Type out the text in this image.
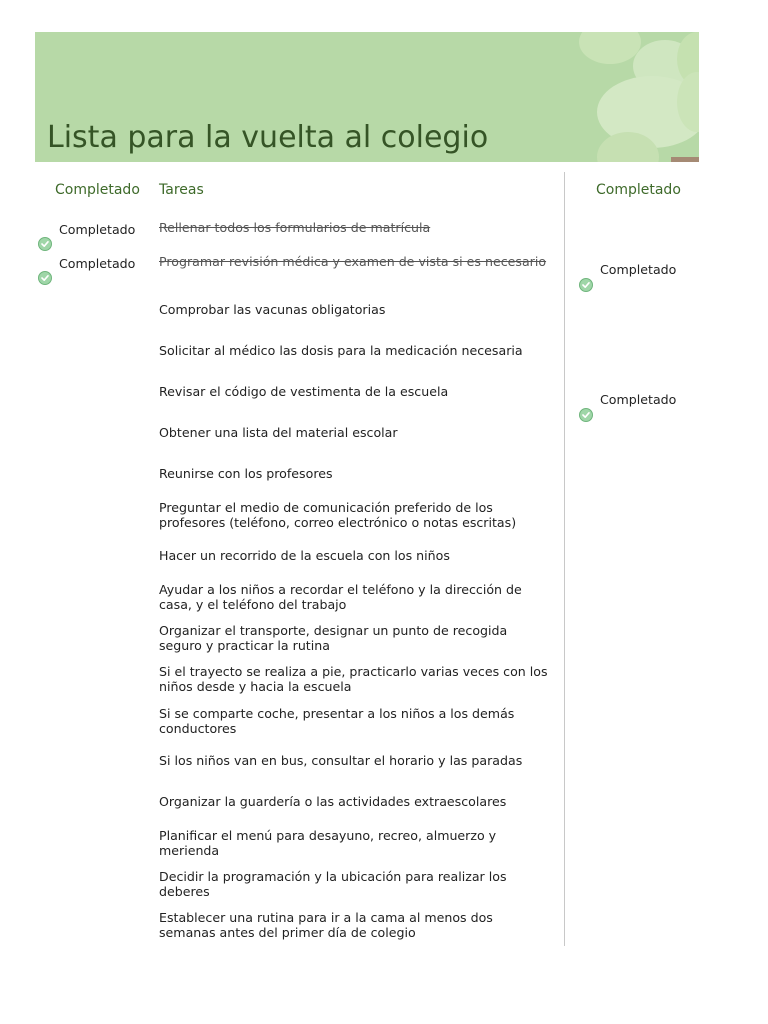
Lista para la vuelta al colegio
Completado Tareas	Completado
Rellenar todos los formularios de matrícula
Completado
Programar revisión médica y examen de vista si es necesario
Completado	Completado
Comprobar las vacunas obligatorias
Solicitar al médico las dosis para la medicación necesaria
Revisar el código de vestimenta de la escuela
Completado
Obtener una lista del material escolar
Reunirse con los profesores
Preguntar el medio de comunicación preferido de los profesores (teléfono, correo electrónico o notas escritas)
Hacer un recorrido de la escuela con los niños
Ayudar a los niños a recordar el teléfono y la dirección de casa, y el teléfono del trabajo
Organizar el transporte, designar un punto de recogida seguro y practicar la rutina
Si el trayecto se realiza a pie, practicarlo varias veces con los niños desde y hacia la escuela
Si se comparte coche, presentar a los niños a los demás conductores
Si los niños van en bus, consultar el horario y las paradas
Organizar la guardería o las actividades extraescolares
Planificar el menú para desayuno, recreo, almuerzo y merienda
Decidir la programación y la ubicación para realizar los deberes
Establecer una rutina para ir a la cama al menos dos semanas antes del primer día de colegio
